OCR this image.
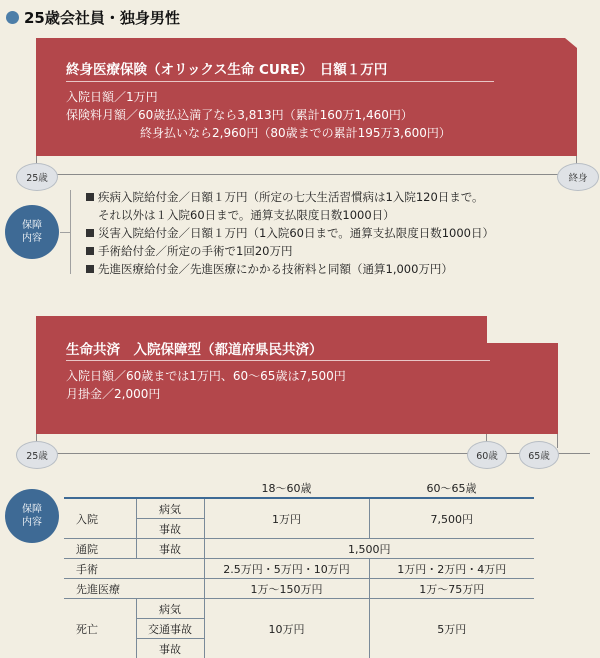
25歳会社員・独身男性
終身医療保険（オリックス生命 CURE）　日額１万円
入院日額／1万円
保険料月額／60歳払込満了なら3,813円（累計160万1,460円）
終身払いなら2,960円（80歳までの累計195万3,600円）
25歳	終身
保障
内容
疾病入院給付金／日額１万円（所定の七大生活習慣病は1入院120日まで。
それ以外は１入院60日まで。通算支払限度日数1000日）
災害入院給付金／日額１万円（1入院60日まで。通算支払限度日数1000日）
手術給付金／所定の手術で1回20万円
先進医療給付金／先進医療にかかる技術料と同額（通算1,000万円）
生命共済　入院保障型（都道府県民共済）
入院日額／60歳までは1万円、60～65歳は7,500円
月掛金／2,000円
25歳	60歳	65歳
保障
内容
		18～60歳	60～65歳
入院	病気	1万円	7,500円
	事故		
通院	事故	1,500円	
手術		2.5万円・5万円・10万円	1万円・2万円・4万円
先進医療		1万～150万円	1万～75万円
死亡	病気	10万円	5万円
	交通事故		
	事故		
